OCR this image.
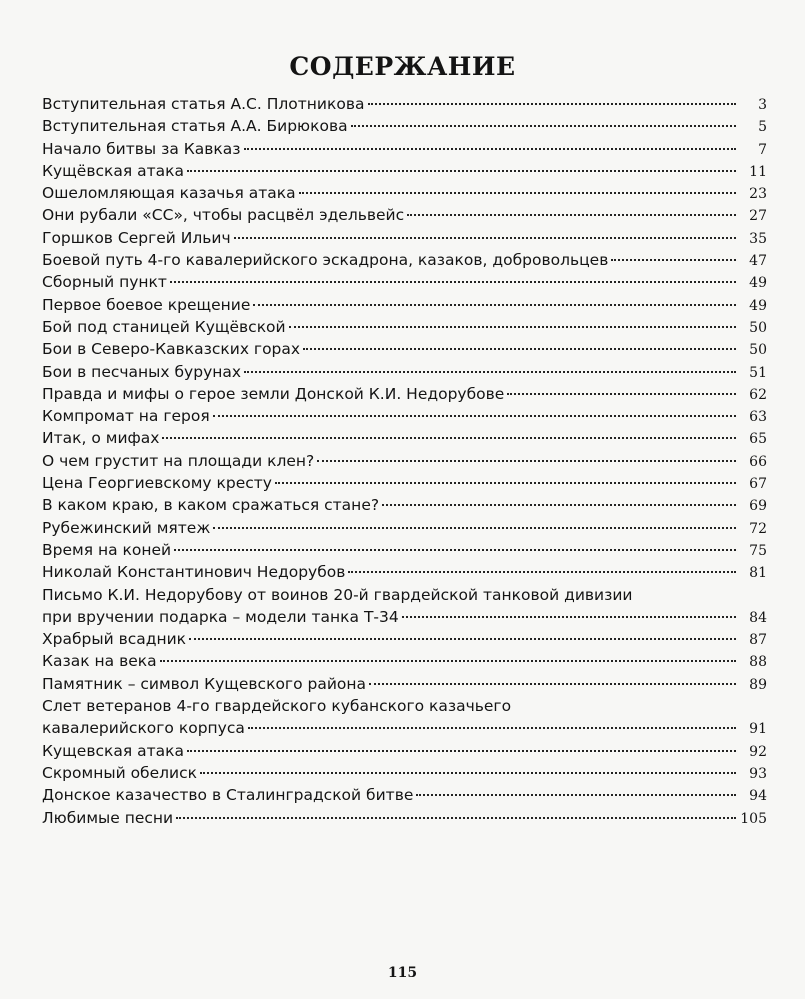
СОДЕРЖАНИЕ
Вступительная статья А.С. Плотникова	3
Вступительная статья А.А. Бирюкова	5
Начало битвы за Кавказ	7
Кущёвская атака	11
Ошеломляющая казачья атака	23
Они рубали «СС», чтобы расцвёл эдельвейс	27
Горшков Сергей Ильич	35
Боевой путь 4-го кавалерийского эскадрона, казаков, добровольцев	47
Сборный пункт	49
Первое боевое крещение	49
Бой под станицей Кущёвской	50
Бои в Северо-Кавказских горах	50
Бои в песчаных бурунах	51
Правда и мифы о герое земли Донской К.И. Недорубове	62
Компромат на героя	63
Итак, о мифах	65
О чем грустит на площади клен?	66
Цена Георгиевскому кресту	67
В каком краю, в каком сражаться стане?	69
Рубежинский мятеж	72
Время на коней	75
Николай Константинович Недорубов	81
Письмо К.И. Недорубову от воинов 20-й гвардейской танковой дивизии
при вручении подарка – модели танка Т-34	84
Храбрый всадник	87
Казак на века	88
Памятник – символ Кущевского района	89
Слет ветеранов 4-го гвардейского кубанского казачьего
кавалерийского корпуса	91
Кущевская атака	92
Скромный обелиск	93
Донское казачество в Сталинградской битве	94
Любимые песни	105
115
